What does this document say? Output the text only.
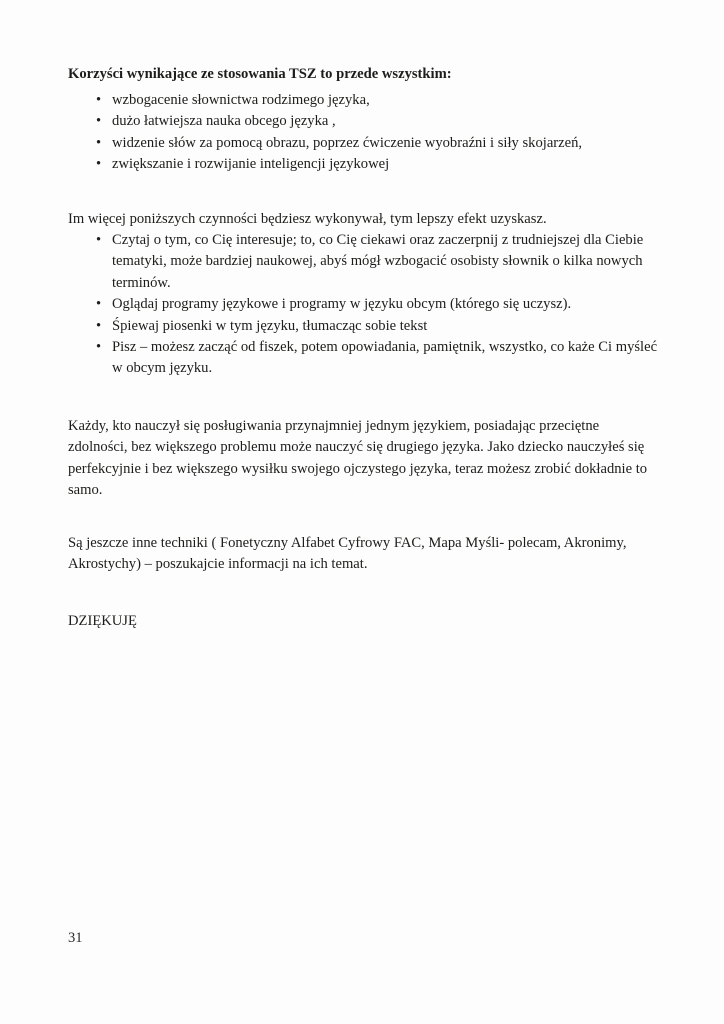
Korzyści wynikające ze stosowania TSZ to przede wszystkim:
• wzbogacenie słownictwa rodzimego języka,
• dużo łatwiejsza nauka obcego języka ,
• widzenie słów za pomocą obrazu, poprzez ćwiczenie wyobraźni i siły skojarzeń,
• zwiększanie i rozwijanie inteligencji językowej

Im więcej poniższych czynności będziesz wykonywał, tym lepszy efekt uzyskasz.

• Czytaj o tym, co Cię interesuje; to, co Cię ciekawi oraz zaczerpnij z trudniejszej dla Ciebie tematyki, może bardziej naukowej, abyś mógł wzbogacić osobisty słownik o kilka nowych terminów.
• Oglądaj programy językowe i programy w języku obcym (którego się uczysz).
• Śpiewaj piosenki w tym języku, tłumacząc sobie tekst
• Pisz – możesz zacząć od fiszek, potem opowiadania, pamiętnik, wszystko, co każe Ci myśleć w obcym języku.

Każdy, kto nauczył się posługiwania przynajmniej jednym językiem, posiadając przeciętne zdolności, bez większego problemu może nauczyć się drugiego języka. Jako dziecko nauczyłeś się perfekcyjnie i bez większego wysiłku swojego ojczystego języka, teraz możesz zrobić dokładnie to samo.

Są jeszcze inne techniki ( Fonetyczny Alfabet Cyfrowy FAC, Mapa Myśli- polecam, Akronimy, Akrostychy) – poszukajcie informacji na ich temat.

DZIĘKUJĘ

31
